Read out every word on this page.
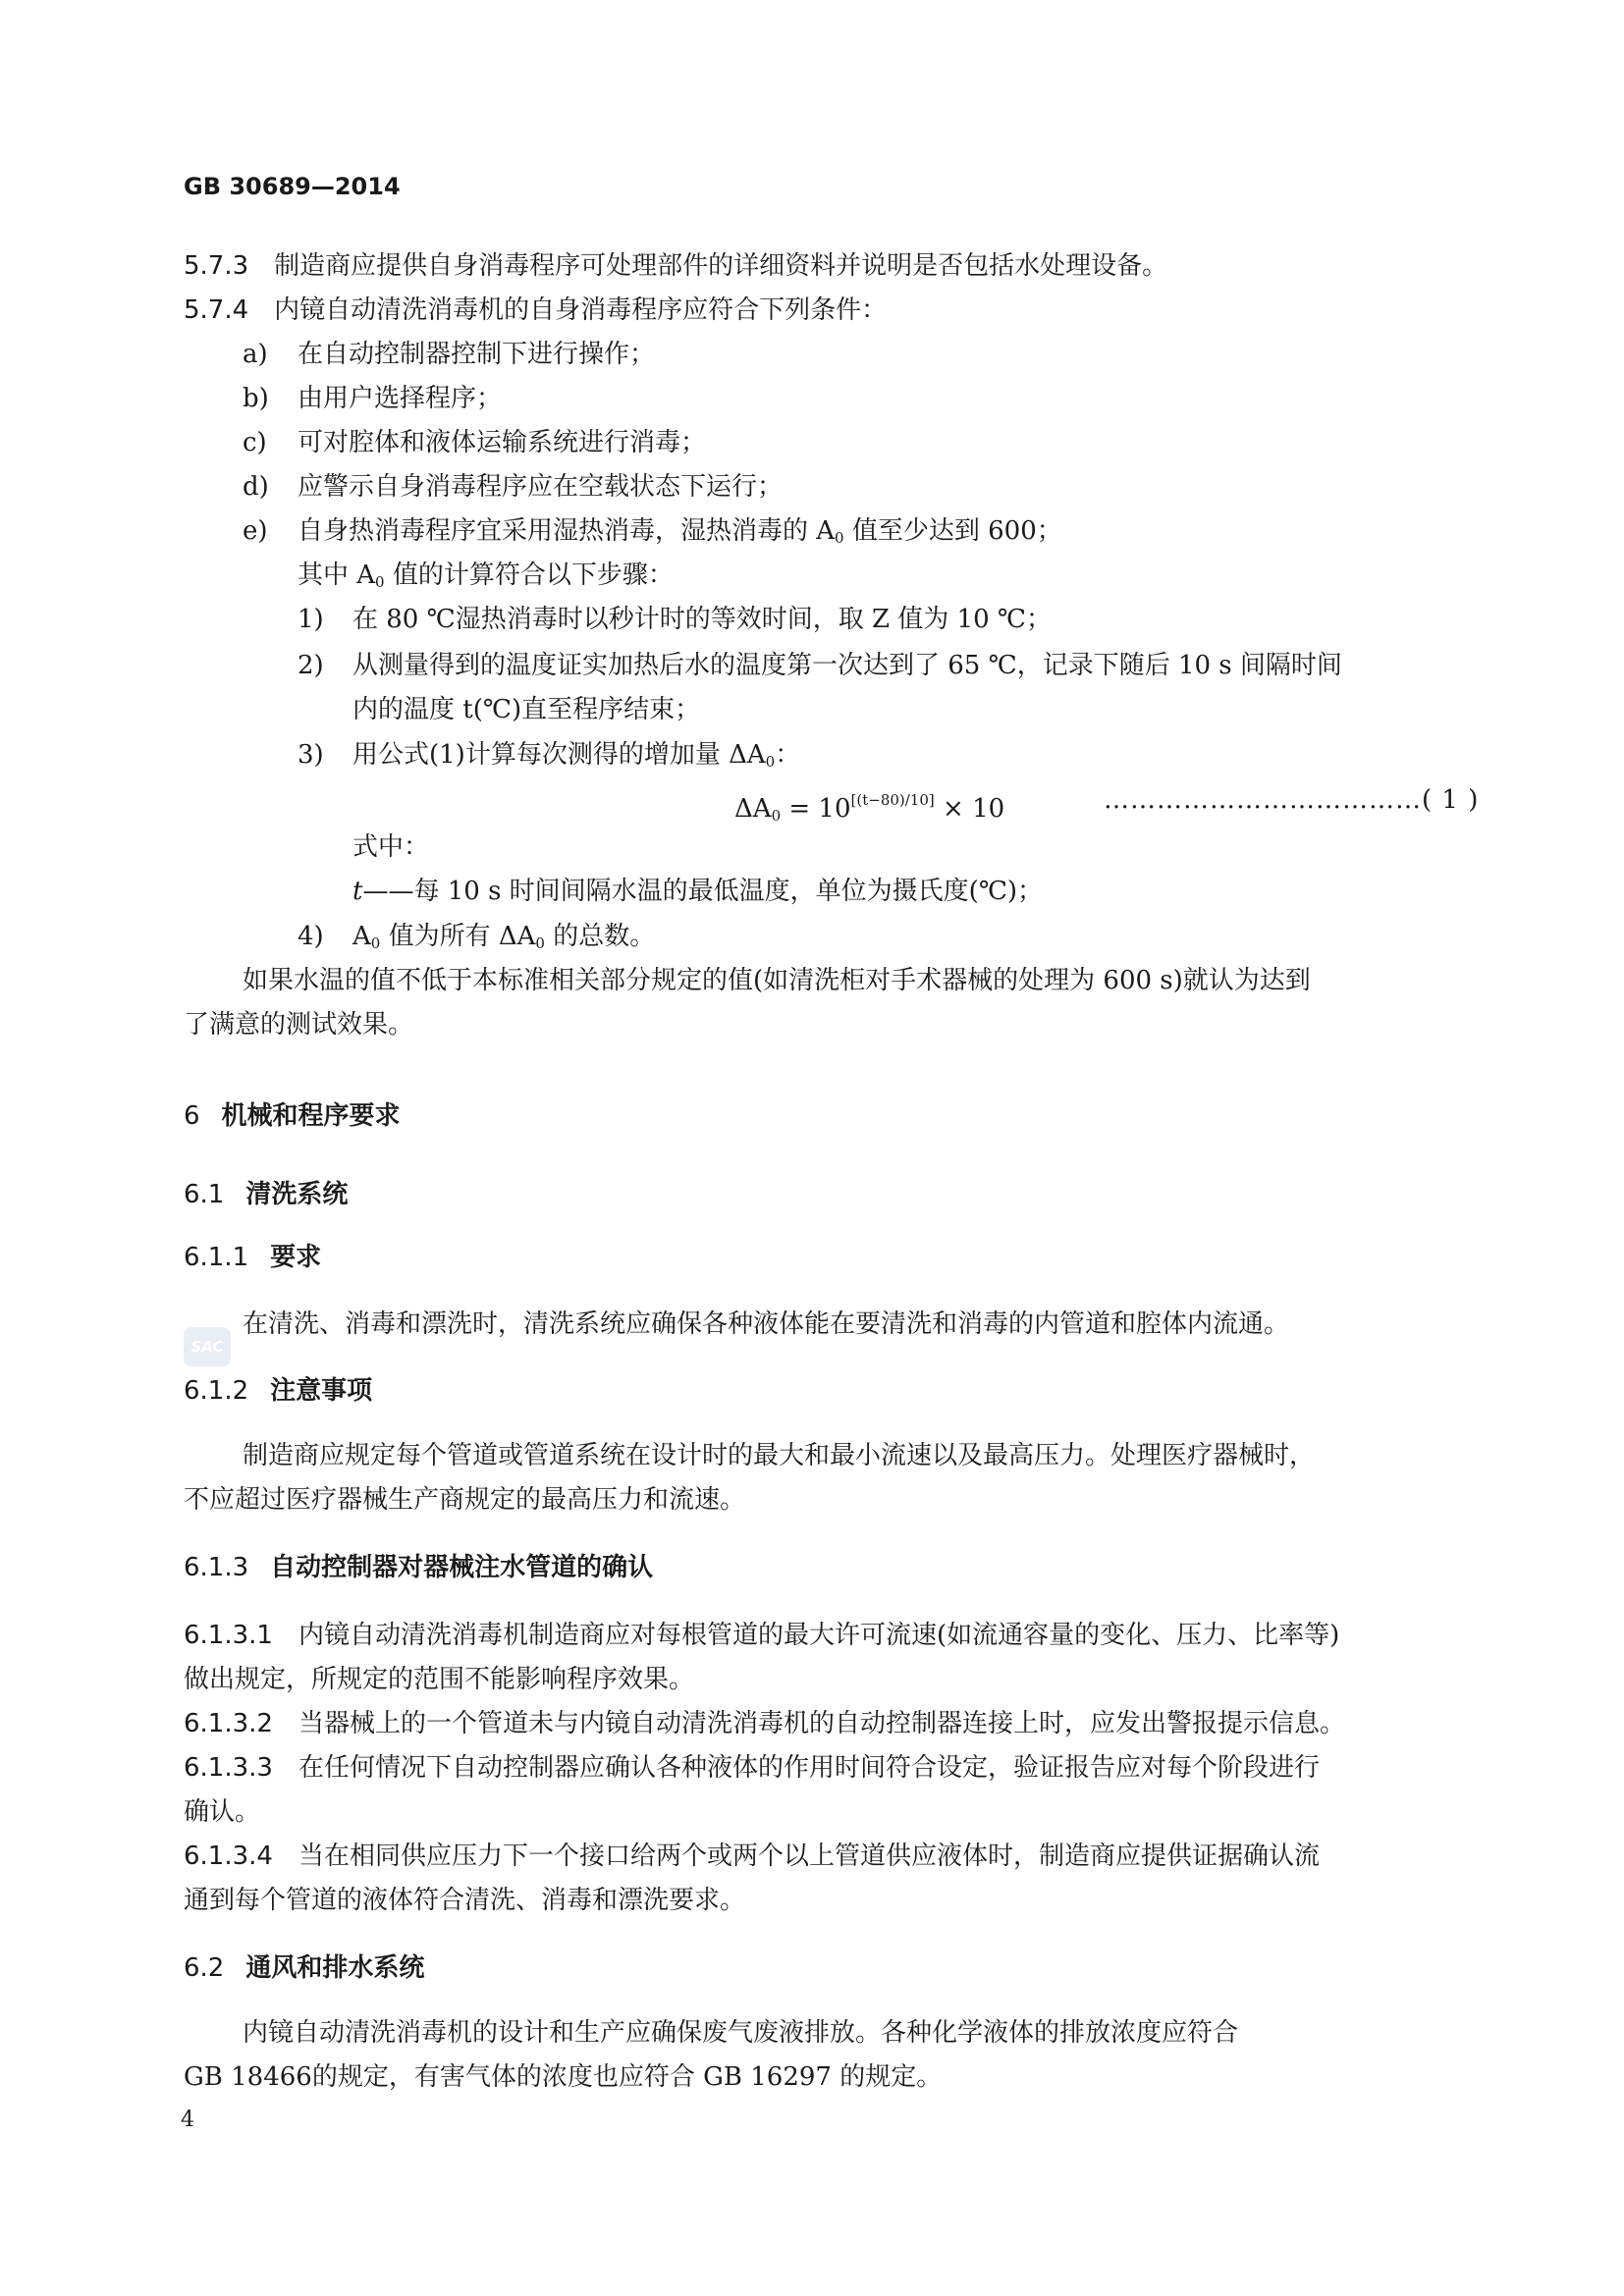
GB 30689—2014
5.7.3 制造商应提供自身消毒程序可处理部件的详细资料并说明是否包括水处理设备。
5.7.4 内镜自动清洗消毒机的自身消毒程序应符合下列条件：
a) 在自动控制器控制下进行操作；
b) 由用户选择程序；
c) 可对腔体和液体运输系统进行消毒；
d) 应警示自身消毒程序应在空载状态下运行；
e) 自身热消毒程序宜采用湿热消毒，湿热消毒的 A0 值至少达到 600；
其中 A0 值的计算符合以下步骤：
1) 在 80 ℃湿热消毒时以秒计时的等效时间，取 Z 值为 10 ℃；
2) 从测量得到的温度证实加热后水的温度第一次达到了 65 ℃，记录下随后 10 s 间隔时间
内的温度 t(℃)直至程序结束；
3) 用公式(1)计算每次测得的增加量 ΔA0：
ΔA0 = 10[(t−80)/10] × 10	………………………………( 1 )
式中：
t——每 10 s 时间间隔水温的最低温度，单位为摄氏度(℃)；
4) A0 值为所有 ΔA0 的总数。
如果水温的值不低于本标准相关部分规定的值(如清洗柜对手术器械的处理为 600 s)就认为达到
了满意的测试效果。
6 机械和程序要求
6.1 清洗系统
6.1.1 要求
SAC
在清洗、消毒和漂洗时，清洗系统应确保各种液体能在要清洗和消毒的内管道和腔体内流通。
6.1.2 注意事项
制造商应规定每个管道或管道系统在设计时的最大和最小流速以及最高压力。处理医疗器械时，
不应超过医疗器械生产商规定的最高压力和流速。
6.1.3 自动控制器对器械注水管道的确认
6.1.3.1 内镜自动清洗消毒机制造商应对每根管道的最大许可流速(如流通容量的变化、压力、比率等)
做出规定，所规定的范围不能影响程序效果。
6.1.3.2 当器械上的一个管道未与内镜自动清洗消毒机的自动控制器连接上时，应发出警报提示信息。
6.1.3.3 在任何情况下自动控制器应确认各种液体的作用时间符合设定，验证报告应对每个阶段进行
确认。
6.1.3.4 当在相同供应压力下一个接口给两个或两个以上管道供应液体时，制造商应提供证据确认流
通到每个管道的液体符合清洗、消毒和漂洗要求。
6.2 通风和排水系统
内镜自动清洗消毒机的设计和生产应确保废气废液排放。各种化学液体的排放浓度应符合
GB 18466的规定，有害气体的浓度也应符合 GB 16297 的规定。
4
